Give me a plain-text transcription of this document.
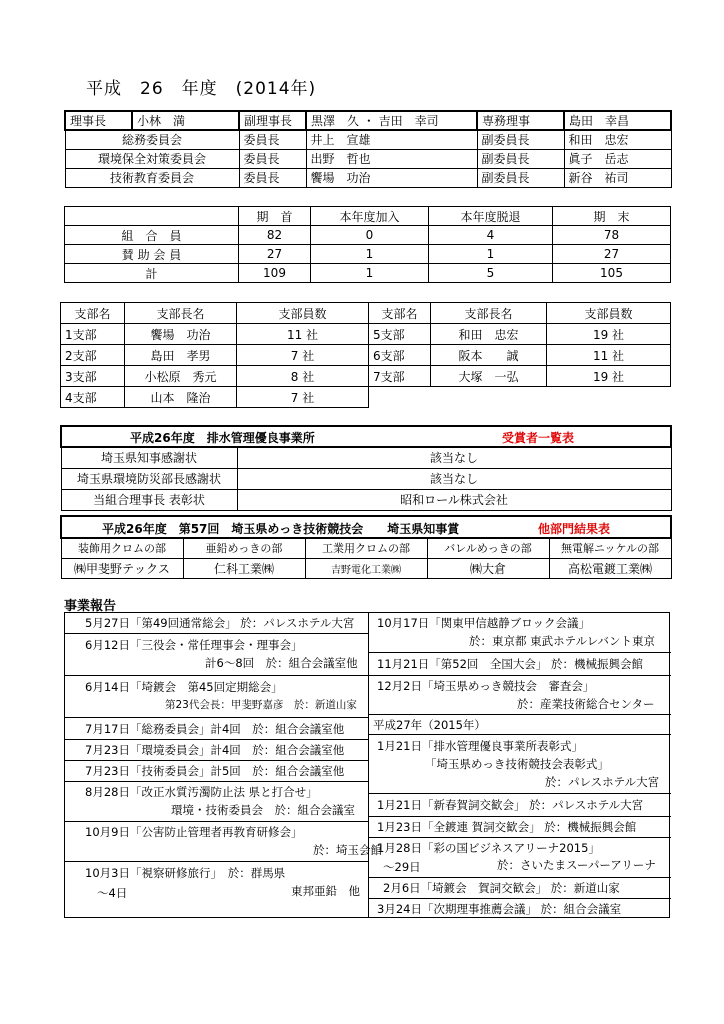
平成　26　年度　(2014年)
理事長	小林　満	副理事長	黒澤　久 ・ 吉田　幸司	専務理事	島田　幸昌
総務委員会		委員長	井上　宣雄	副委員長	和田　忠宏
環境保全対策委員会		委員長	出野　哲也	副委員長	眞子　岳志
技術教育委員会		委員長	饗場　功治	副委員長	新谷　祐司
	期　首	本年度加入	本年度脱退	期　末
組　合　員	82	0	4	78
賛 助 会 員	27	1	1	27
計	109	1	5	105
支部名	支部長名	支部員数	支部名	支部長名	支部員数
1支部	饗場　功治	11 社	5支部	和田　忠宏	19 社
2支部	島田　孝男	7 社	6支部	阪本　　誠	11 社
3支部	小松原　秀元	8 社	7支部	大塚　一弘	19 社
4支部	山本　隆治	7 社			
平成26年度　排水管理優良事業所 受賞者一覧表	

埼玉県知事感謝状	該当なし
埼玉県環境防災部長感謝状	該当なし
当組合理事長 表彰状	昭和ロール株式会社
平成26年度　第57回　埼玉県めっき技術競技会　　埼玉県知事賞 他部門結果表				

装飾用クロムの部	亜鉛めっきの部	工業用クロムの部	バレルめっきの部	無電解ニッケルの部
㈱甲斐野テックス	仁科工業㈱	吉野電化工業㈱	㈱大倉	高松電鍍工業㈱
事業報告
5月27日「第49回通常総会」 於：パレスホテル大宮
6月12日「三役会・常任理事会・理事会」
計6～8回　於：組合会議室他
6月14日「埼鍍会　第45回定期総会」
第23代会長：甲斐野嘉彦　於：新道山家
7月17日「総務委員会」計4回　於：組合会議室他
7月23日「環境委員会」計4回　於：組合会議室他
7月23日「技術委員会」計5回　於：組合会議室他
8月28日「改正水質汚濁防止法 県と打合せ」
環境・技術委員会　於：組合会議室
10月9日「公害防止管理者再教育研修会」
於：埼玉会館
10月3日「視察研修旅行」　於：群馬県
～4日	東邦亜鉛　他
10月17日「関東甲信越静ブロック会議」
於：東京都 東武ホテルレバント東京
11月21日「第52回　全国大会」 於：機械振興会館
12月2日「埼玉県めっき競技会　審査会」
於：産業技術総合センター
平成27年（2015年）
1月21日「排水管理優良事業所表彰式」
「埼玉県めっき技術競技会表彰式」
於：パレスホテル大宮
1月21日「新春賀詞交歓会」 於：パレスホテル大宮
1月23日「全鍍連 賀詞交歓会」 於：機械振興会館
1月28日「彩の国ビジネスアリーナ2015」
～29日	於：さいたまスーパーアリーナ
2月6日「埼鍍会　賀詞交歓会」 於：新道山家
3月24日「次期理事推薦会議」 於：組合会議室
